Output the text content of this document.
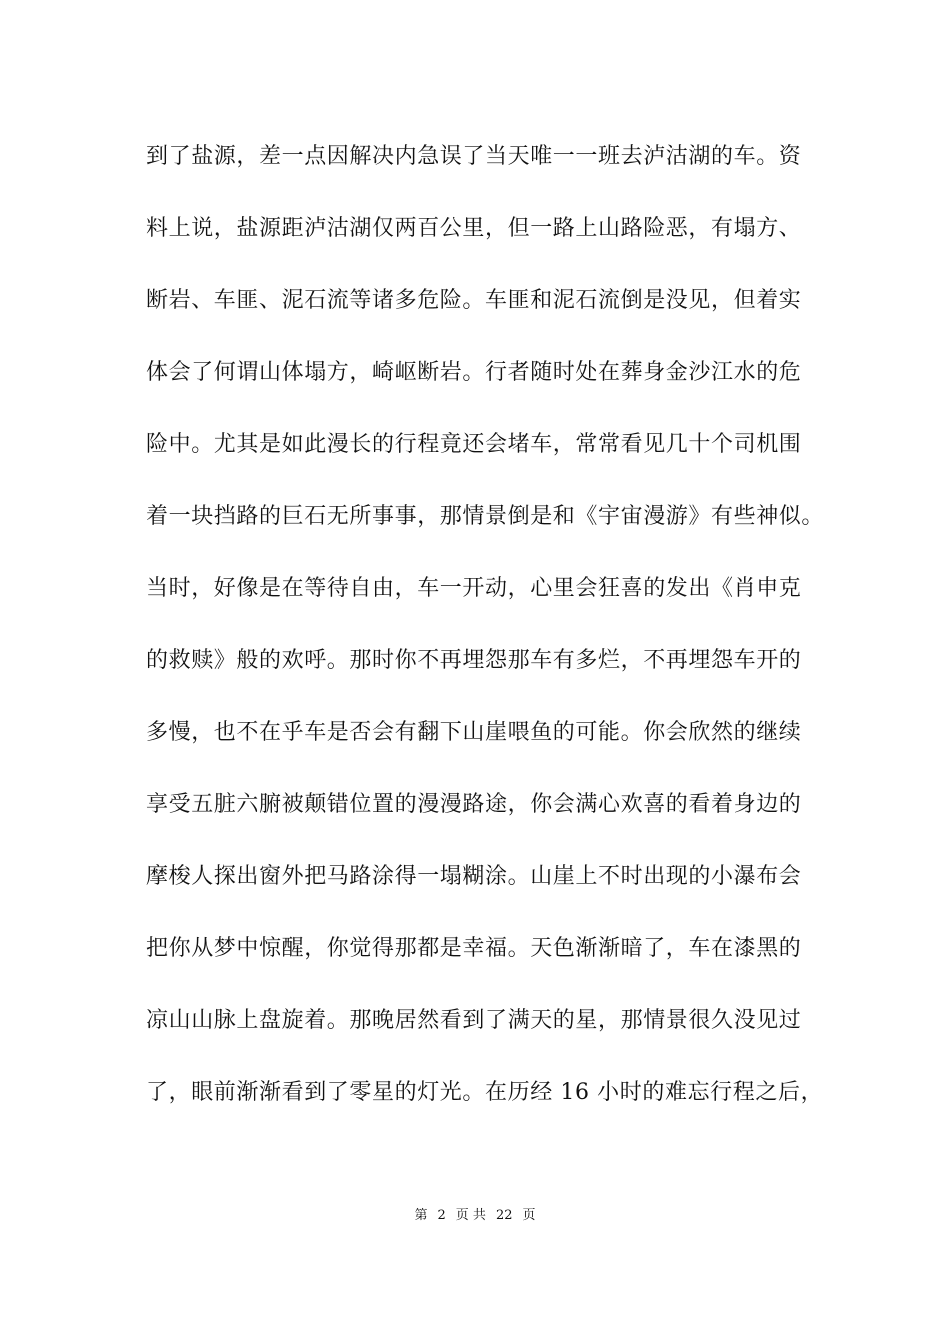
到了盐源，差一点因解决内急误了当天唯一一班去泸沽湖的车。资
料上说，盐源距泸沽湖仅两百公里，但一路上山路险恶，有塌方、
断岩、车匪、泥石流等诸多危险。车匪和泥石流倒是没见，但着实
体会了何谓山体塌方，崎岖断岩。行者随时处在葬身金沙江水的危
险中。尤其是如此漫长的行程竟还会堵车，常常看见几十个司机围
着一块挡路的巨石无所事事，那情景倒是和《宇宙漫游》有些神似。
当时，好像是在等待自由，车一开动，心里会狂喜的发出《肖申克
的救赎》般的欢呼。那时你不再埋怨那车有多烂，不再埋怨车开的
多慢，也不在乎车是否会有翻下山崖喂鱼的可能。你会欣然的继续
享受五脏六腑被颠错位置的漫漫路途，你会满心欢喜的看着身边的
摩梭人探出窗外把马路涂得一塌糊涂。山崖上不时出现的小瀑布会
把你从梦中惊醒，你觉得那都是幸福。天色渐渐暗了，车在漆黑的
凉山山脉上盘旋着。那晚居然看到了满天的星，那情景很久没见过
了，眼前渐渐看到了零星的灯光。在历经 16 小时的难忘行程之后，
第 2 页 共 22 页
